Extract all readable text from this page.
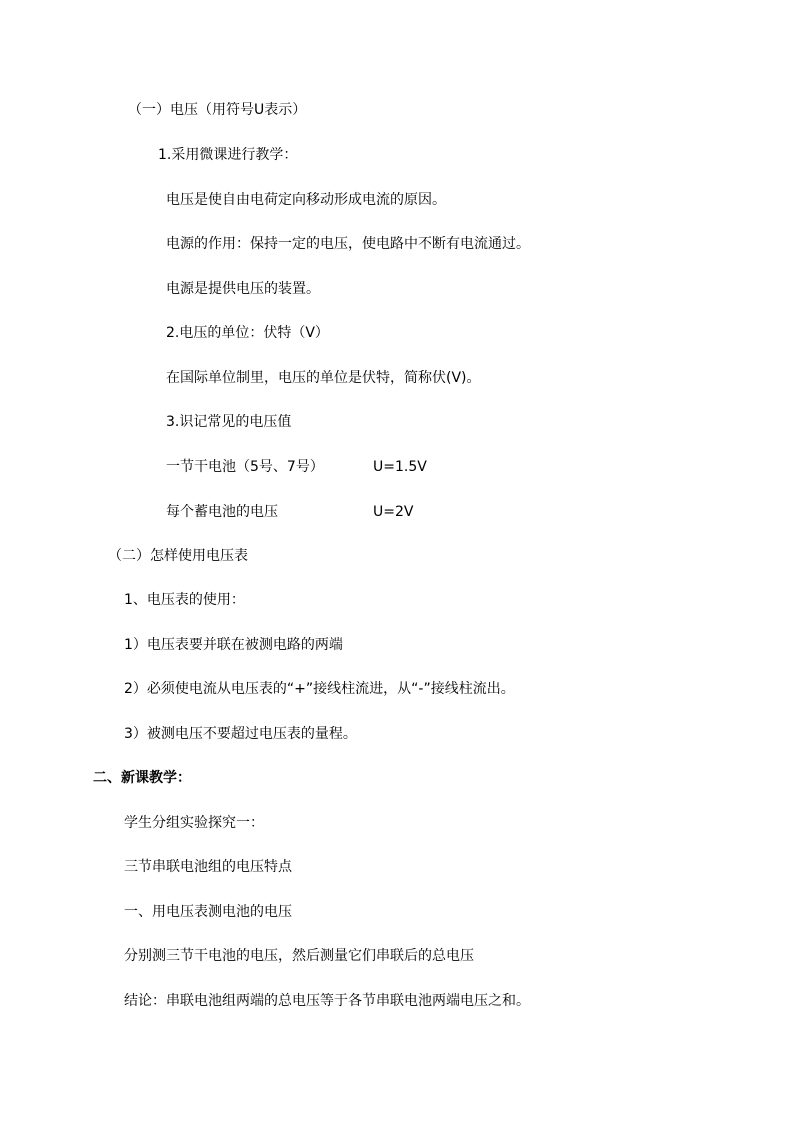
（一）电压（用符号U表示）
1.采用微课进行教学：
电压是使自由电荷定向移动形成电流的原因。
电源的作用：保持一定的电压，使电路中不断有电流通过。
电源是提供电压的装置。
2.电压的单位：伏特（V）
在国际单位制里，电压的单位是伏特，简称伏(V)。
3.识记常见的电压值
一节干电池（5号、7号）	U=1.5V
每个蓄电池的电压	U=2V
（二）怎样使用电压表
1、电压表的使用：
1）电压表要并联在被测电路的两端
2）必须使电流从电压表的“+”接线柱流进，从“-”接线柱流出。
3）被测电压不要超过电压表的量程。
二、新课教学：
学生分组实验探究一：
三节串联电池组的电压特点
一、用电压表测电池的电压
分别测三节干电池的电压，然后测量它们串联后的总电压
结论：串联电池组两端的总电压等于各节串联电池两端电压之和。
